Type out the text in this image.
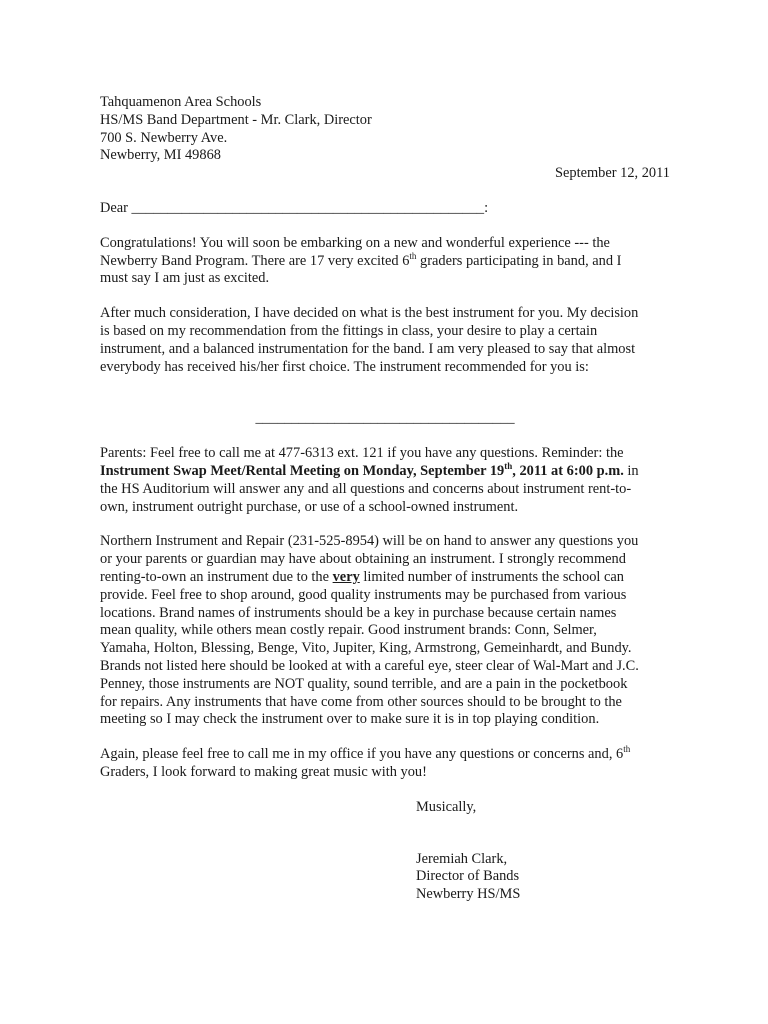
Tahquamenon Area Schools
HS/MS Band Department - Mr. Clark, Director
700 S. Newberry Ave.
Newberry, MI 49868
September 12, 2011
Dear _________________________________________________:
Congratulations! You will soon be embarking on a new and wonderful experience --- the
Newberry Band Program. There are 17 very excited 6th graders participating in band, and I
must say I am just as excited.
After much consideration, I have decided on what is the best instrument for you. My decision
is based on my recommendation from the fittings in class, your desire to play a certain
instrument, and a balanced instrumentation for the band. I am very pleased to say that almost
everybody has received his/her first choice. The instrument recommended for you is:
____________________________________
Parents: Feel free to call me at 477-6313 ext. 121 if you have any questions. Reminder: the
Instrument Swap Meet/Rental Meeting on Monday, September 19th, 2011 at 6:00 p.m. in
the HS Auditorium will answer any and all questions and concerns about instrument rent-to-
own, instrument outright purchase, or use of a school-owned instrument.
Northern Instrument and Repair (231-525-8954) will be on hand to answer any questions you
or your parents or guardian may have about obtaining an instrument. I strongly recommend
renting-to-own an instrument due to the very limited number of instruments the school can
provide. Feel free to shop around, good quality instruments may be purchased from various
locations. Brand names of instruments should be a key in purchase because certain names
mean quality, while others mean costly repair. Good instrument brands: Conn, Selmer,
Yamaha, Holton, Blessing, Benge, Vito, Jupiter, King, Armstrong, Gemeinhardt, and Bundy.
Brands not listed here should be looked at with a careful eye, steer clear of Wal-Mart and J.C.
Penney, those instruments are NOT quality, sound terrible, and are a pain in the pocketbook
for repairs. Any instruments that have come from other sources should to be brought to the
meeting so I may check the instrument over to make sure it is in top playing condition.
Again, please feel free to call me in my office if you have any questions or concerns and, 6th
Graders, I look forward to making great music with you!
Musically,
Jeremiah Clark,
Director of Bands
Newberry HS/MS
